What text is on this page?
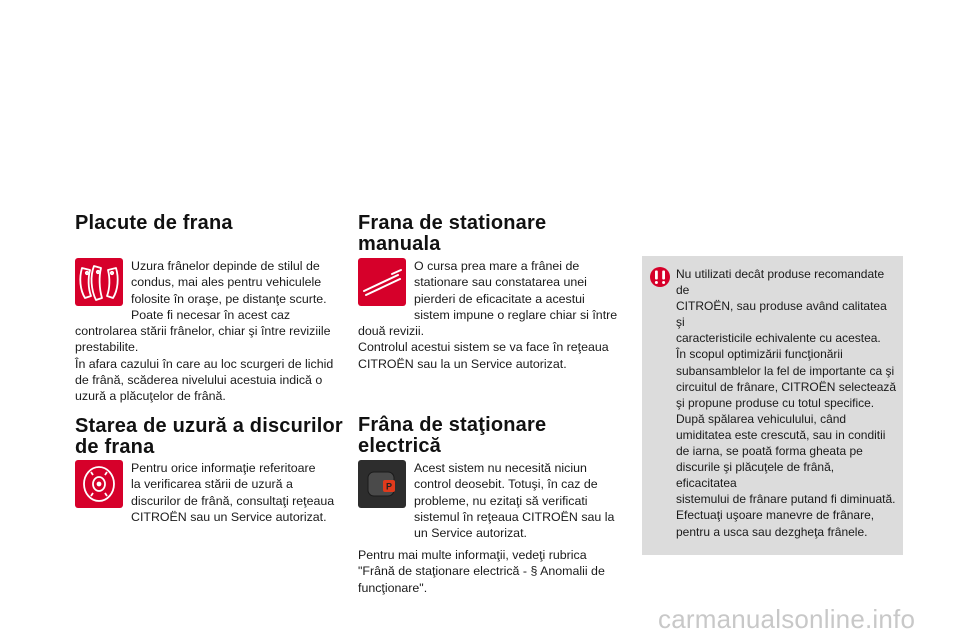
Placute de frana

Uzura frânelor depinde de stilul de
condus, mai ales pentru vehiculele
folosite în oraşe, pe distanţe scurte.
Poate fi necesar în acest caz
controlarea stării frânelor, chiar şi între reviziile
prestabilite.
În afara cazului în care au loc scurgeri de lichid
de frână, scăderea nivelului acestuia indică o
uzură a plăcuţelor de frână.

Starea de uzură a discurilor
de frana

Pentru orice informaţie referitoare
la verificarea stării de uzură a
discurilor de frână, consultaţi reţeaua
CITROËN sau un Service autorizat.

Frana de stationare
manuala

O cursa prea mare a frânei de
stationare sau constatarea unei
pierderi de eficacitate a acestui
sistem impune o reglare chiar si între
două revizii.
Controlul acestui sistem se va face în reţeaua
CITROËN sau la un Service autorizat.

Frâna de staţionare
electrică
P

Acest sistem nu necesită niciun
control deosebit. Totuşi, în caz de
probleme, nu ezitaţi să verificati
sistemul în reţeaua CITROËN sau la
un Service autorizat.

Pentru mai multe informaţii, vedeţi rubrica
"Frână de staţionare electrică - § Anomalii de
funcţionare".

Nu utilizati decât produse recomandate de
CITROËN, sau produse având calitatea şi
caracteristicile echivalente cu acestea.
În scopul optimizării funcţionării
subansamblelor la fel de importante ca şi
circuitul de frânare, CITROËN selectează
şi propune produse cu totul specifice.
După spălarea vehiculului, când
umiditatea este crescută, sau in conditii
de iarna, se poată forma gheata pe
discurile şi plăcuţele de frână, eficacitatea
sistemului de frânare putand fi diminuată.
Efectuaţi uşoare manevre de frânare,
pentru a usca sau dezgheţa frânele.

carmanualsonline.info
